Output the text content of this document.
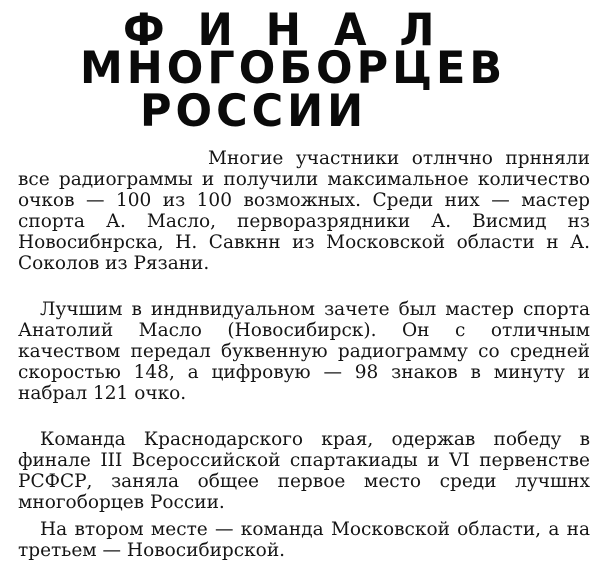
ФИНАЛ
МНОГОБОРЦЕВ
РОССИИ

Многие участники отлнчно прнняли все радиограммы и получили максимальное количество очков — 100 из 100 возможных. Среди них — мастер спорта А. Масло, перворазрядники А. Висмид нз Новосибнрска, Н. Савкнн из Московской области н А. Соколов из Рязани.

Лучшим в инднвидуальном зачете был мастер спорта Анатолий Масло (Новосибирск). Он с отличным качеством передал буквенную радиограмму со средней скоростью 148, а цифровую — 98 знаков в минуту и набрал 121 очко.

Команда Краснодарского края, одержав победу в финале III Всероссийской спартакиады и VI первенстве РСФСР, заняла общее первое место среди лучшнх многоборцев России.

На втором месте — команда Московской области, а на третьем — Новосибирской.
